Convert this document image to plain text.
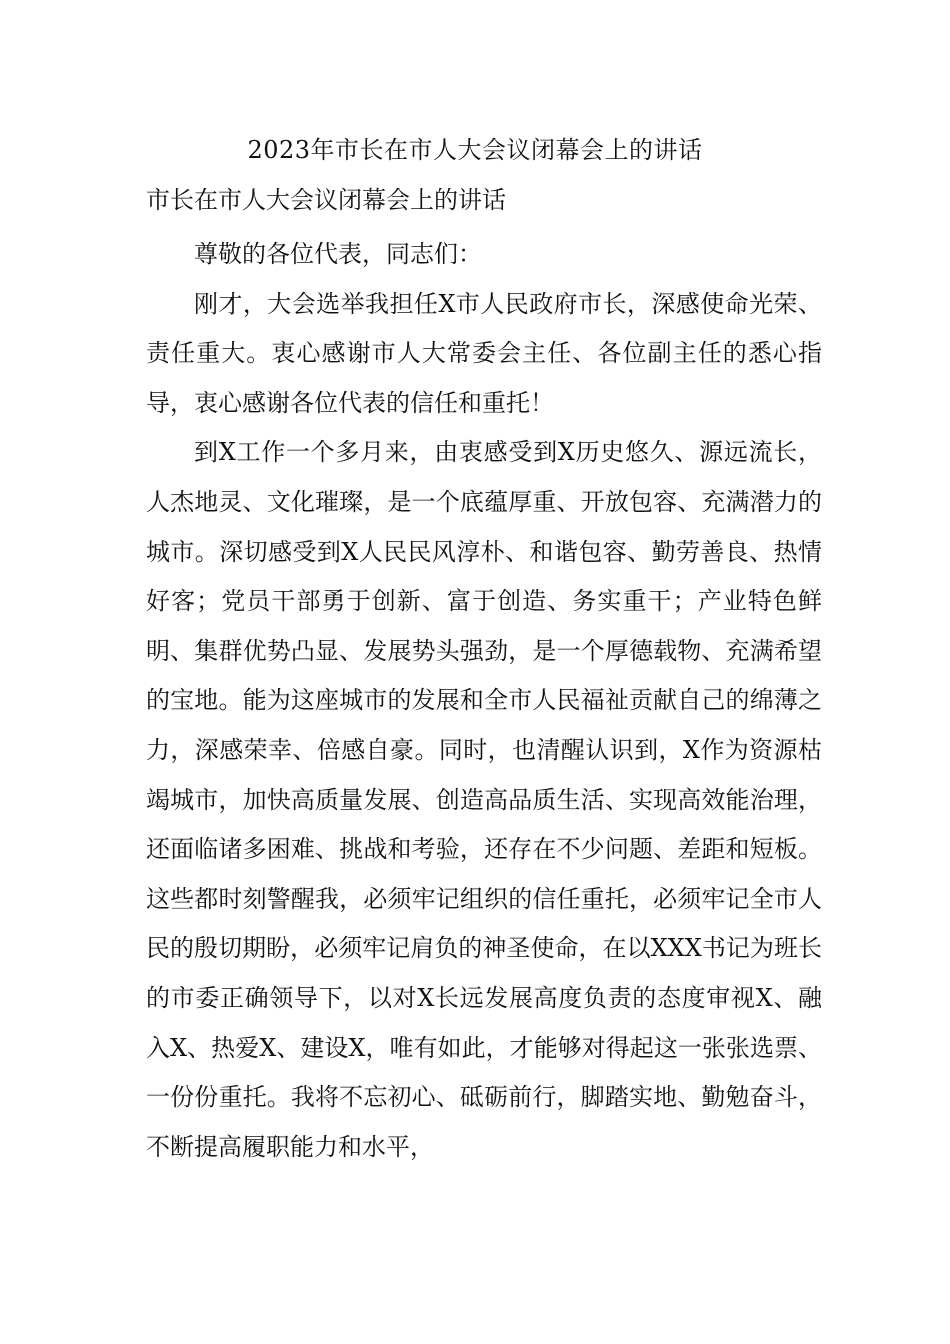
2023年市长在市人大会议闭幕会上的讲话
市长在市人大会议闭幕会上的讲话

尊敬的各位代表，同志们：

刚才，大会选举我担任X市人民政府市长，深感使命光荣、责任重大。衷心感谢市人大常委会主任、各位副主任的悉心指导，衷心感谢各位代表的信任和重托！

到X工作一个多月来，由衷感受到X历史悠久、源远流长，人杰地灵、文化璀璨，是一个底蕴厚重、开放包容、充满潜力的城市。深切感受到X人民民风淳朴、和谐包容、勤劳善良、热情好客；党员干部勇于创新、富于创造、务实重干；产业特色鲜明、集群优势凸显、发展势头强劲，是一个厚德载物、充满希望的宝地。能为这座城市的发展和全市人民福祉贡献自己的绵薄之力，深感荣幸、倍感自豪。同时，也清醒认识到，X作为资源枯竭城市，加快高质量发展、创造高品质生活、实现高效能治理，还面临诸多困难、挑战和考验，还存在不少问题、差距和短板。这些都时刻警醒我，必须牢记组织的信任重托，必须牢记全市人民的殷切期盼，必须牢记肩负的神圣使命，在以XXX书记为班长的市委正确领导下，以对X长远发展高度负责的态度审视X、融入X、热爱X、建设X，唯有如此，才能够对得起这一张张选票、一份份重托。我将不忘初心、砥砺前行，脚踏实地、勤勉奋斗，不断提高履职能力和水平，
